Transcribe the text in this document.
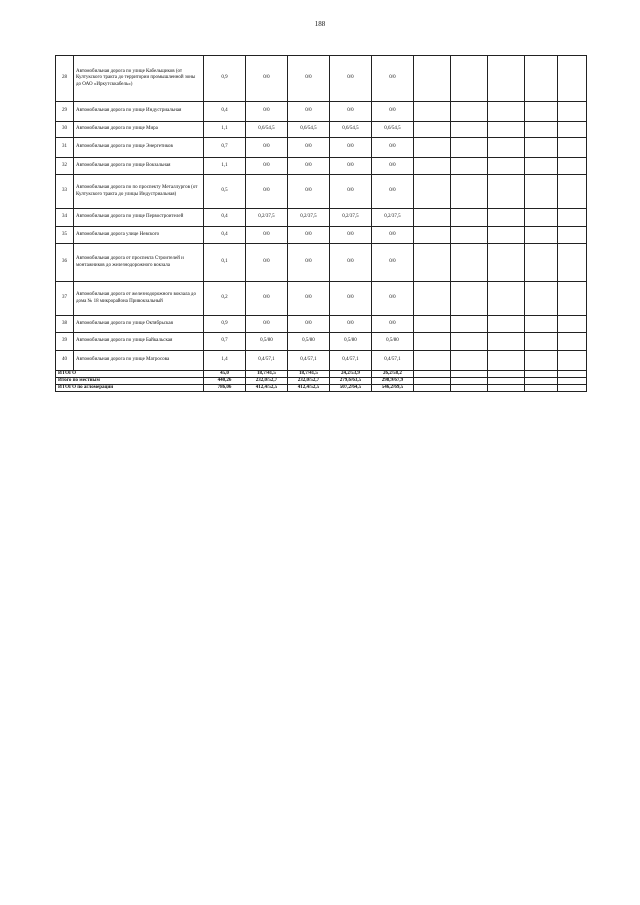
188
28	Автомобильная дорога по улице Кабельщиков (от Култукского тракта до территории промышленной зоны до ОАО «Иркутсккабель»)	0,9	0/0	0/0	0/0	0/0					
29	Автомобильная дорога по улице Индустриальная	0,4	0/0	0/0	0/0	0/0					
30	Автомобильная дорога по улице Мира	1,1	0,6/54,5	0,6/54,5	0,6/54,5	0,6/54,5					
31	Автомобильная дорога по улице Энергетиков	0,7	0/0	0/0	0/0	0/0					
32	Автомобильная дорога по улице Вокзальная	1,1	0/0	0/0	0/0	0/0					
33	Автомобильная дорога по по проспекту Металлургов (от Култукского тракта до улицы Индустриальная)	0,5	0/0	0/0	0/0	0/0					
34	Автомобильная дорога по улице Первостроителей	0,4	0,2/37,5	0,2/37,5	0,2/37,5	0,2/37,5					
35	Автомобильная дорога улице Невского	0,4	0/0	0/0	0/0	0/0					
36	Автомобильная дорога от проспекта Строителей и монтажников до железнодорожного вокзала	0,1	0/0	0/0	0/0	0/0					
37	Автомобильная дорога от железнодорожного вокзала до дома № 18 микрорайона Привокзальный	0,2	0/0	0/0	0/0	0/0					
38	Автомобильная дорога по улице Октябрьская	0,9	0/0	0/0	0/0	0/0					
39	Автомобильная дорога по улице Байкальская	0,7	0,5/80	0,5/80	0,5/80	0,5/80					
40	Автомобильная дорога по улице Матросова	1,4	0,4/57,1	0,4/57,1	0,4/57,1	0,4/57,1					
ИТОГО		45,0	18,7/41,5	18,7/41,5	24,2/53,9	26,2/58,2					
Итого по местным		440,26	232,0/52,7	232,0/52,7	279,6/63,5	298,9/67,9					
ИТОГО по агломерации		786,06	412,4/52,5	412,4/52,5	507,2/64,5	546,2/69,5					
